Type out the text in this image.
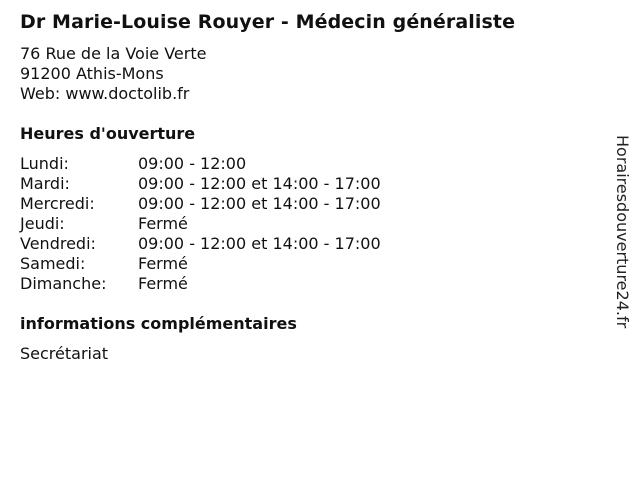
Dr Marie-Louise Rouyer - Médecin généraliste
76 Rue de la Voie Verte
91200 Athis-Mons
Web: www.doctolib.fr
Heures d'ouverture
Lundi:	09:00 - 12:00
Mardi:	09:00 - 12:00 et 14:00 - 17:00
Mercredi:	09:00 - 12:00 et 14:00 - 17:00
Jeudi:	Fermé
Vendredi:	09:00 - 12:00 et 14:00 - 17:00
Samedi:	Fermé
Dimanche:	Fermé
informations complémentaires
Secrétariat
Horairesdouverture24.fr
